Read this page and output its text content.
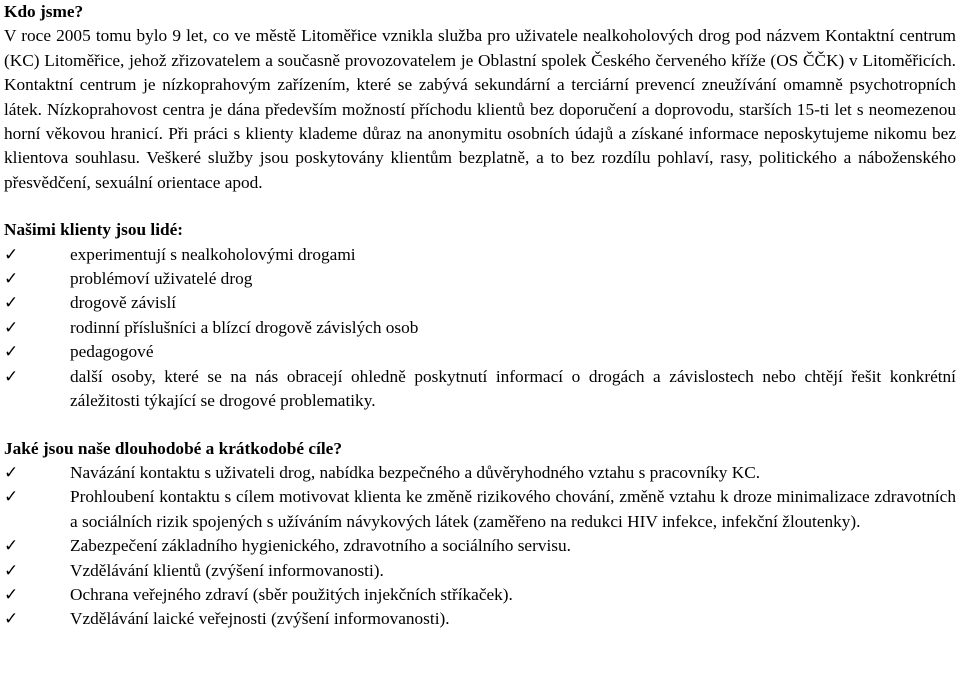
Kdo jsme?

V roce 2005 tomu bylo 9 let, co ve městě Litoměřice vznikla služba pro uživatele nealkoholových drog pod názvem Kontaktní centrum (KC) Litoměřice, jehož zřizovatelem a současně provozovatelem je Oblastní spolek Českého červeného kříže (OS ČČK) v Litoměřicích. Kontaktní centrum je nízkoprahovým zařízením, které se zabývá sekundární a terciární prevencí zneužívání omamně psychotropních látek. Nízkoprahovost centra je dána především možností příchodu klientů bez doporučení a doprovodu, starších 15-ti let s neomezenou horní věkovou hranicí. Při práci s klienty klademe důraz na anonymitu osobních údajů a získané informace neposkytujeme nikomu bez klientova souhlasu. Veškeré služby jsou poskytovány klientům bezplatně, a to bez rozdílu pohlaví, rasy, politického a náboženského přesvědčení, sexuální orientace apod.

Našimi klienty jsou lidé:

✓	experimentují s nealkoholovými drogami
✓	problémoví uživatelé drog
✓	drogově závislí
✓	rodinní příslušníci a blízcí drogově závislých osob
✓	pedagogové
✓	další osoby, které se na nás obracejí ohledně poskytnutí informací o drogách a závislostech nebo chtějí řešit konkrétní záležitosti týkající se drogové problematiky.

Jaké jsou naše dlouhodobé a krátkodobé cíle?

✓	Navázání kontaktu s uživateli drog, nabídka bezpečného a důvěryhodného vztahu s pracovníky KC.
✓	Prohloubení kontaktu s cílem motivovat klienta ke změně rizikového chování, změně vztahu k droze minimalizace zdravotních a sociálních rizik spojených s užíváním návykových látek (zaměřeno na redukci HIV infekce, infekční žloutenky).
✓	Zabezpečení základního hygienického, zdravotního a sociálního servisu.
✓	Vzdělávání klientů (zvýšení informovanosti).
✓	Ochrana veřejného zdraví (sběr použitých injekčních stříkaček).
✓	Vzdělávání laické veřejnosti (zvýšení informovanosti).
